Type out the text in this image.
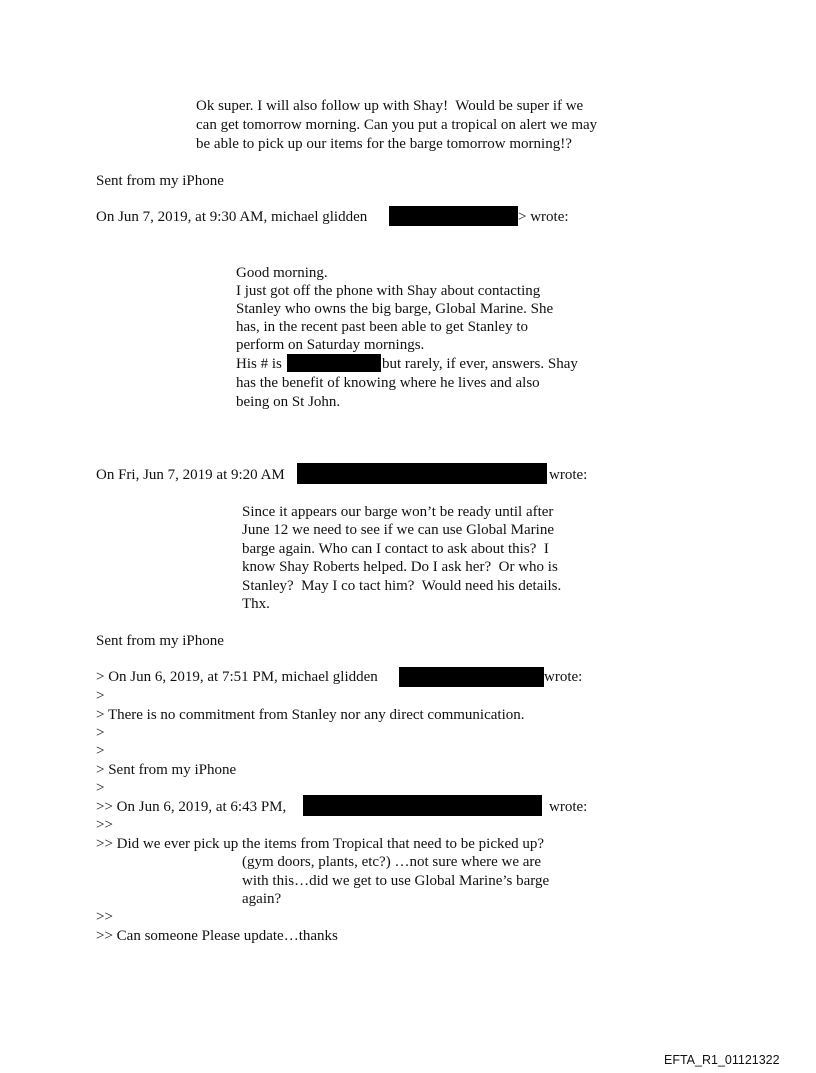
Ok super. I will also follow up with Shay!  Would be super if we
can get tomorrow morning. Can you put a tropical on alert we may
be able to pick up our items for the barge tomorrow morning!?
Sent from my iPhone
On Jun 7, 2019, at 9:30 AM, michael glidden	> wrote:
Good morning.
I just got off the phone with Shay about contacting
Stanley who owns the big barge, Global Marine. She
has, in the recent past been able to get Stanley to
perform on Saturday mornings.
His # is	but rarely, if ever, answers. Shay
has the benefit of knowing where he lives and also
being on St John.
On Fri, Jun 7, 2019 at 9:20 AM	wrote:
Since it appears our barge won’t be ready until after
June 12 we need to see if we can use Global Marine
barge again. Who can I contact to ask about this?  I
know Shay Roberts helped. Do I ask her?  Or who is
Stanley?  May I co tact him?  Would need his details.
Thx.
Sent from my iPhone
> On Jun 6, 2019, at 7:51 PM, michael glidden	wrote:
>
> There is no commitment from Stanley nor any direct communication.
>
>
> Sent from my iPhone
>
>> On Jun 6, 2019, at 6:43 PM,	wrote:
>>
>> Did we ever pick up the items from Tropical that need to be picked up?
(gym doors, plants, etc?) …not sure where we are
with this…did we get to use Global Marine’s barge
again?
>>
>> Can someone Please update…thanks
EFTA_R1_01121322
